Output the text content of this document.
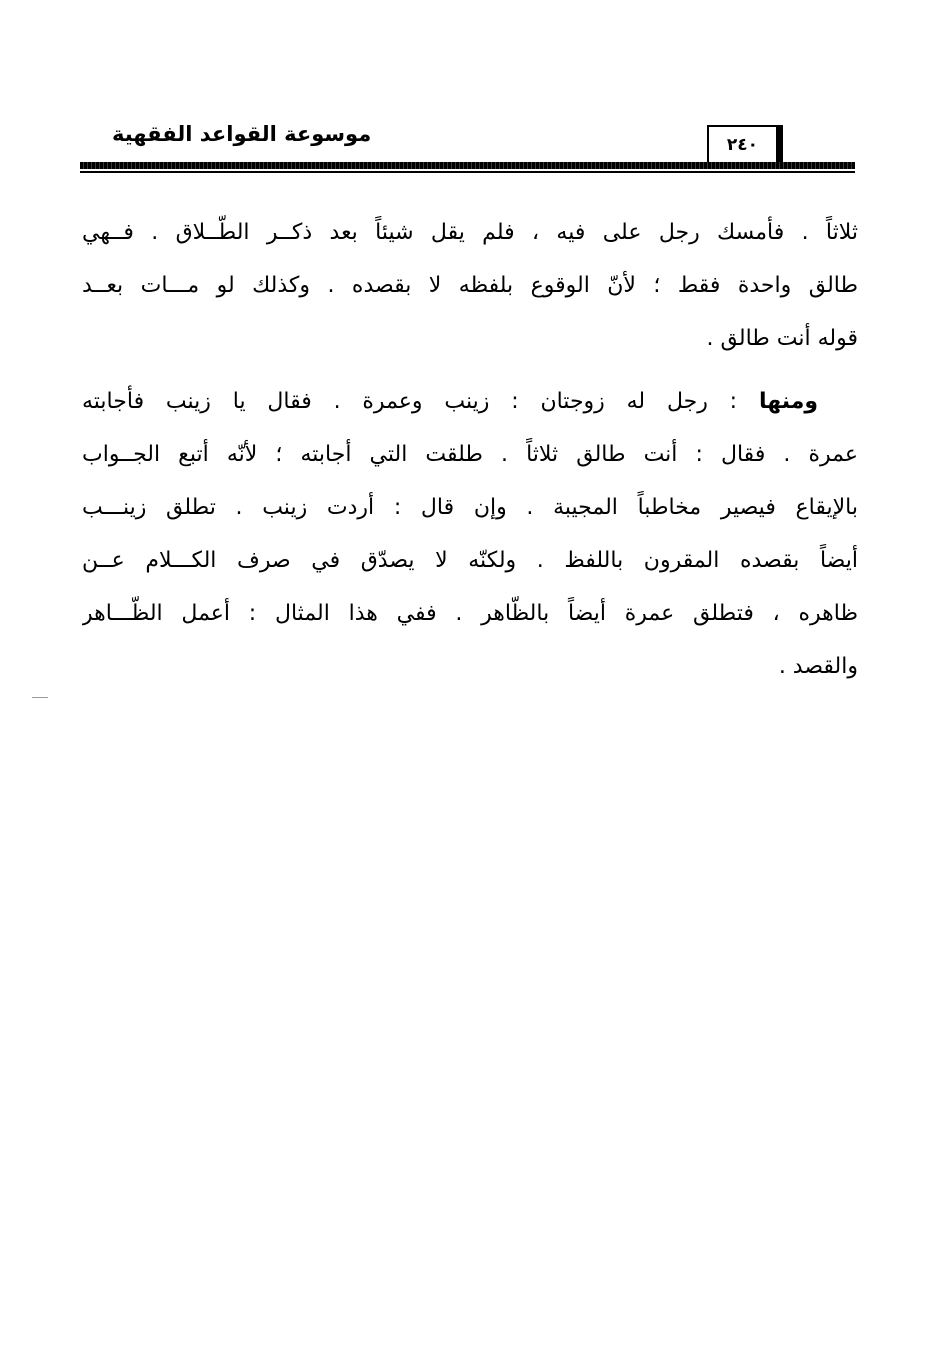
موسوعة القواعد الفقهية	٢٤٠
ثلاثاً . فأمسك رجل على فيه ، فلم يقل شيئاً بعد ذكــر الطّــلاق . فــهي
طالق واحدة فقط ؛ لأنّ الوقوع بلفظه لا بقصده . وكذلك لو مـــات بعــد
قوله أنت طالق .
ومنها : رجل له زوجتان : زينب وعمرة . فقال يا زينب فأجابته
عمرة . فقال : أنت طالق ثلاثاً . طلقت التي أجابته ؛ لأنّه أتبع الجــواب
بالإيقاع فيصير مخاطباً المجيبة . وإن قال : أردت زينب . تطلق زينـــب
أيضاً بقصده المقرون باللفظ . ولكنّه لا يصدّق في صرف الكـــلام عــن
ظاهره ، فتطلق عمرة أيضاً بالظّاهر . ففي هذا المثال : أعمل الظّـــاهر
والقصد .
